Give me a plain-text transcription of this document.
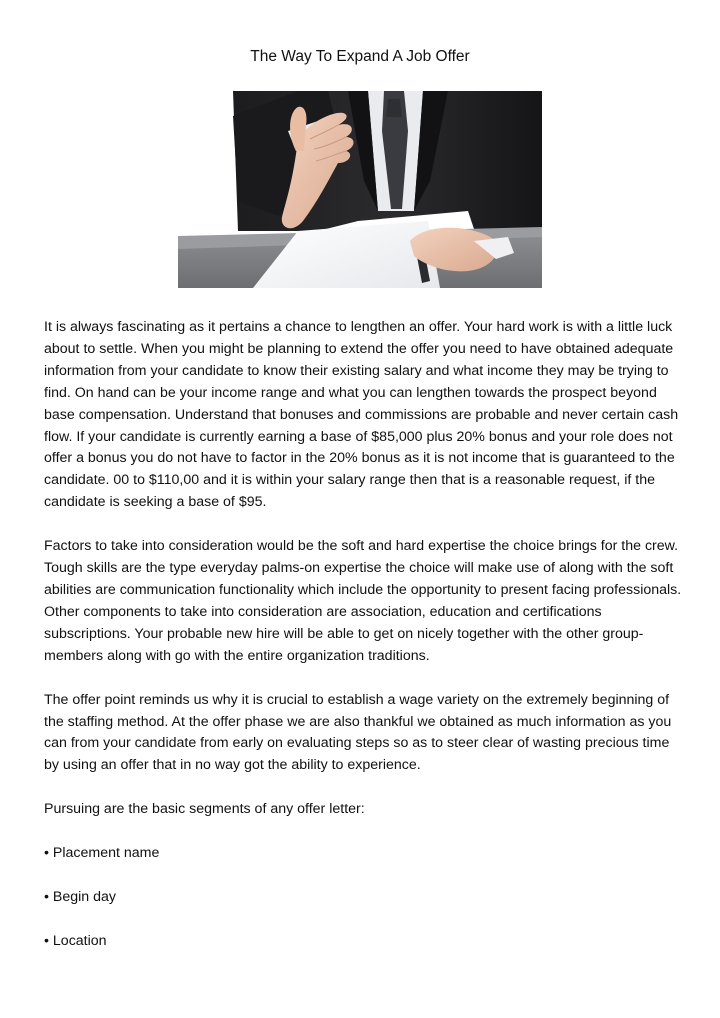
The Way To Expand A Job Offer

It is always fascinating as it pertains a chance to lengthen an offer. Your hard work is with a little luck about to settle. When you might be planning to extend the offer you need to have obtained adequate information from your candidate to know their existing salary and what income they may be trying to find. On hand can be your income range and what you can lengthen towards the prospect beyond base compensation. Understand that bonuses and commissions are probable and never certain cash flow. If your candidate is currently earning a base of $85,000 plus 20% bonus and your role does not offer a bonus you do not have to factor in the 20% bonus as it is not income that is guaranteed to the candidate. 00 to $110,00 and it is within your salary range then that is a reasonable request, if the candidate is seeking a base of $95.

Factors to take into consideration would be the soft and hard expertise the choice brings for the crew. Tough skills are the type everyday palms-on expertise the choice will make use of along with the soft abilities are communication functionality which include the opportunity to present facing professionals. Other components to take into consideration are association, education and certifications subscriptions. Your probable new hire will be able to get on nicely together with the other group-members along with go with the entire organization traditions.

The offer point reminds us why it is crucial to establish a wage variety on the extremely beginning of the staffing method. At the offer phase we are also thankful we obtained as much information as you can from your candidate from early on evaluating steps so as to steer clear of wasting precious time by using an offer that in no way got the ability to experience.

Pursuing are the basic segments of any offer letter:

• Placement name
• Begin day
• Location
